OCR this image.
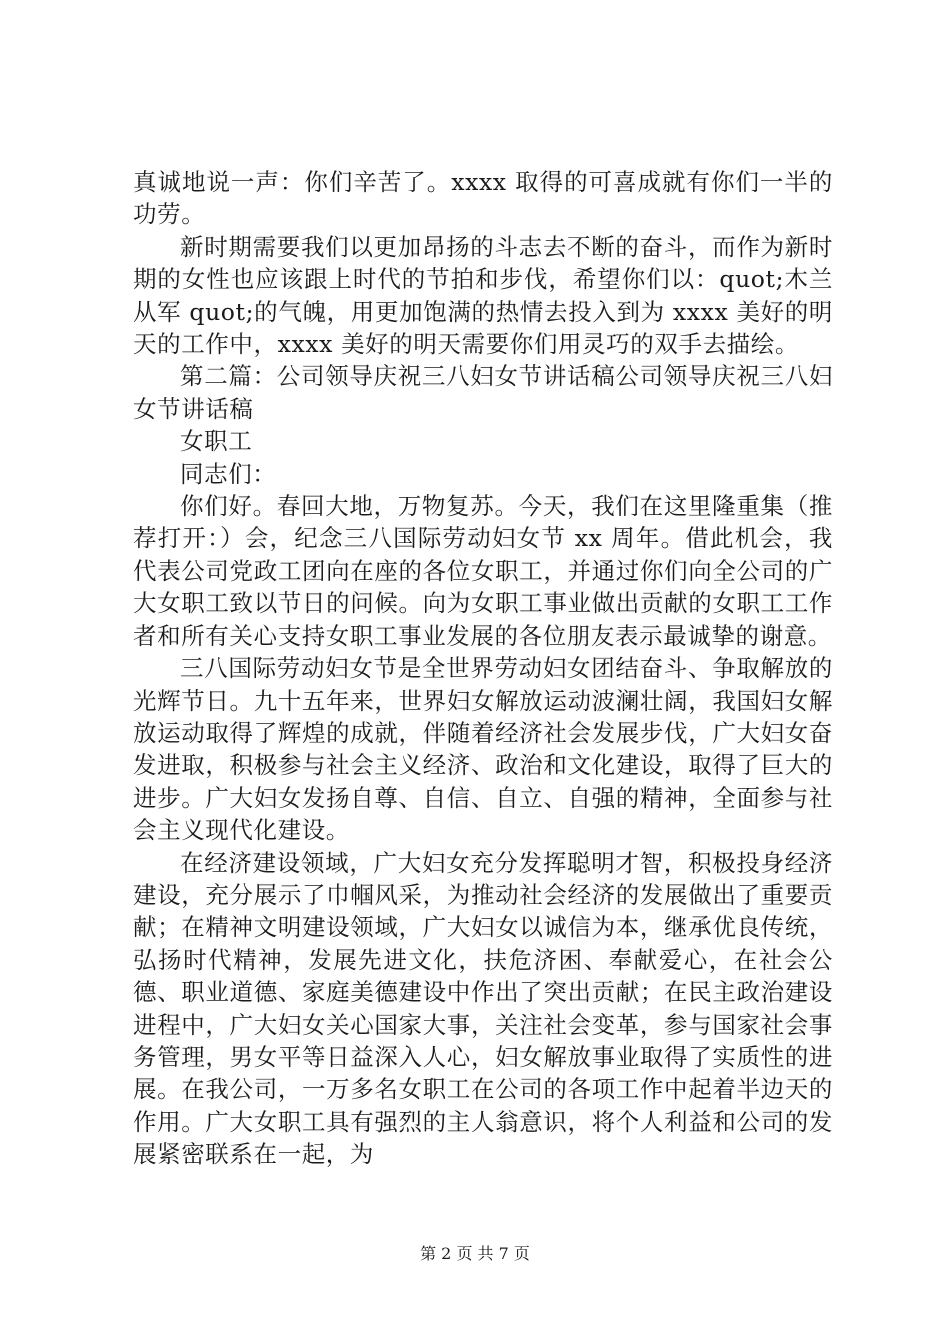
真诚地说一声：你们辛苦了。xxxx 取得的可喜成就有你们一半的功劳。

新时期需要我们以更加昂扬的斗志去不断的奋斗，而作为新时期的女性也应该跟上时代的节拍和步伐，希望你们以：quot;木兰从军 quot;的气魄，用更加饱满的热情去投入到为 xxxx 美好的明天的工作中，xxxx 美好的明天需要你们用灵巧的双手去描绘。

第二篇：公司领导庆祝三八妇女节讲话稿公司领导庆祝三八妇女节讲话稿

女职工

同志们：

你们好。春回大地，万物复苏。今天，我们在这里隆重集（推荐打开：）会，纪念三八国际劳动妇女节 xx 周年。借此机会，我代表公司党政工团向在座的各位女职工，并通过你们向全公司的广大女职工致以节日的问候。向为女职工事业做出贡献的女职工工作者和所有关心支持女职工事业发展的各位朋友表示最诚挚的谢意。

三八国际劳动妇女节是全世界劳动妇女团结奋斗、争取解放的光辉节日。九十五年来，世界妇女解放运动波澜壮阔，我国妇女解放运动取得了辉煌的成就，伴随着经济社会发展步伐，广大妇女奋发进取，积极参与社会主义经济、政治和文化建设，取得了巨大的进步。广大妇女发扬自尊、自信、自立、自强的精神，全面参与社会主义现代化建设。

在经济建设领域，广大妇女充分发挥聪明才智，积极投身经济建设，充分展示了巾帼风采，为推动社会经济的发展做出了重要贡献；在精神文明建设领域，广大妇女以诚信为本，继承优良传统，弘扬时代精神，发展先进文化，扶危济困、奉献爱心，在社会公德、职业道德、家庭美德建设中作出了突出贡献；在民主政治建设进程中，广大妇女关心国家大事，关注社会变革，参与国家社会事务管理，男女平等日益深入人心，妇女解放事业取得了实质性的进展。在我公司，一万多名女职工在公司的各项工作中起着半边天的作用。广大女职工具有强烈的主人翁意识，将个人利益和公司的发展紧密联系在一起，为

第 2 页 共 7 页
